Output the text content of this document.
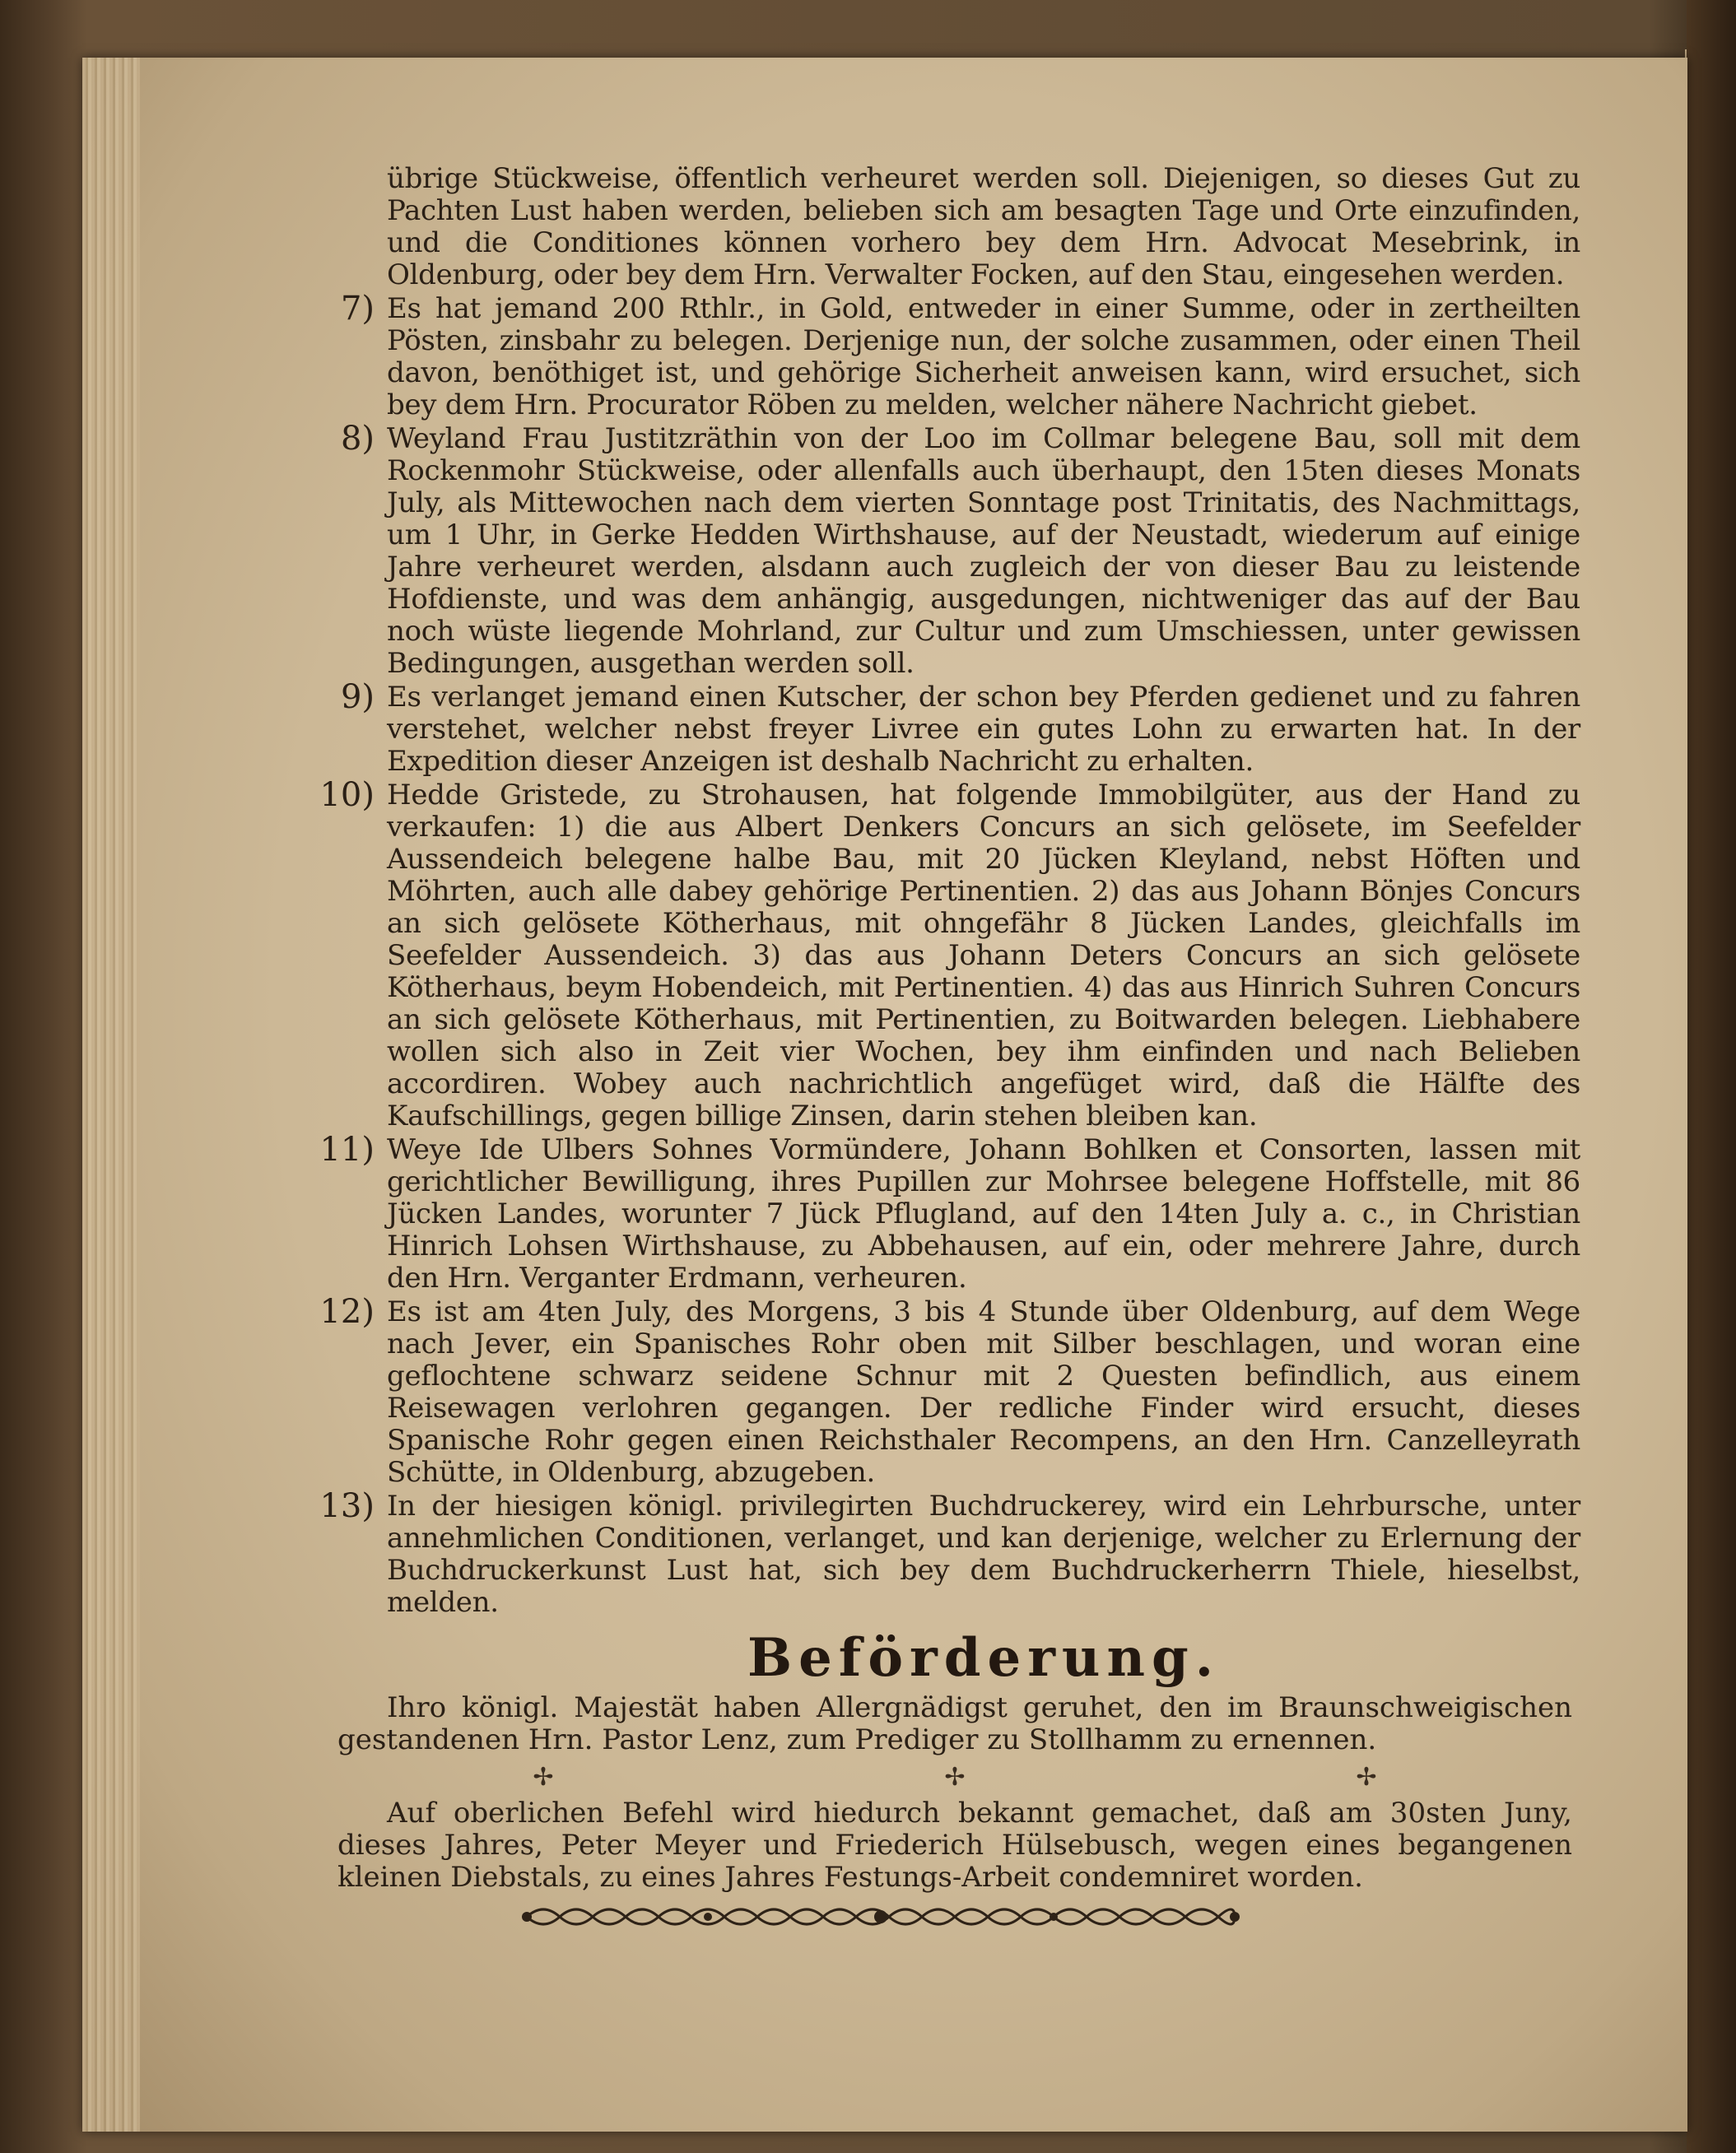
übrige Stückweise, öffentlich verheuret werden soll. Diejenigen, so dieses Gut zu Pachten Lust haben werden, belieben sich am besagten Tage und Orte einzufinden, und die Conditiones können vorhero bey dem Hrn. Advocat Mesebrink, in Oldenburg, oder bey dem Hrn. Verwalter Focken, auf den Stau, eingesehen werden.
7) Es hat jemand 200 Rthlr., in Gold, entweder in einer Summe, oder in zertheilten Pösten, zinsbahr zu belegen. Derjenige nun, der solche zusammen, oder einen Theil davon, benöthiget ist, und gehörige Sicherheit anweisen kann, wird ersuchet, sich bey dem Hrn. Procurator Röben zu melden, welcher nähere Nachricht giebet.
8) Weyland Frau Justitzräthin von der Loo im Collmar belegene Bau, soll mit dem Rockenmohr Stückweise, oder allenfalls auch überhaupt, den 15ten dieses Monats July, als Mittewochen nach dem vierten Sonntage post Trinitatis, des Nachmittags, um 1 Uhr, in Gerke Hedden Wirthshause, auf der Neustadt, wiederum auf einige Jahre verheuret werden, alsdann auch zugleich der von dieser Bau zu leistende Hofdienste, und was dem anhängig, ausgedungen, nichtweniger das auf der Bau noch wüste liegende Mohrland, zur Cultur und zum Umschiessen, unter gewissen Bedingungen, ausgethan werden soll.
9) Es verlanget jemand einen Kutscher, der schon bey Pferden gedienet und zu fahren verstehet, welcher nebst freyer Livree ein gutes Lohn zu erwarten hat. In der Expedition dieser Anzeigen ist deshalb Nachricht zu erhalten.
10) Hedde Gristede, zu Strohausen, hat folgende Immobilgüter, aus der Hand zu verkaufen: 1) die aus Albert Denkers Concurs an sich gelösete, im Seefelder Aussendeich belegene halbe Bau, mit 20 Jücken Kleyland, nebst Höften und Möhrten, auch alle dabey gehörige Pertinentien. 2) das aus Johann Bönjes Concurs an sich gelösete Kötherhaus, mit ohngefähr 8 Jücken Landes, gleichfalls im Seefelder Aussendeich. 3) das aus Johann Deters Concurs an sich gelösete Kötherhaus, beym Hobendeich, mit Pertinentien. 4) das aus Hinrich Suhren Concurs an sich gelösete Kötherhaus, mit Pertinentien, zu Boitwarden belegen. Liebhabere wollen sich also in Zeit vier Wochen, bey ihm einfinden und nach Belieben accordiren. Wobey auch nachrichtlich angefüget wird, daß die Hälfte des Kaufschillings, gegen billige Zinsen, darin stehen bleiben kan.
11) Weye Ide Ulbers Sohnes Vormündere, Johann Bohlken et Consorten, lassen mit gerichtlicher Bewilligung, ihres Pupillen zur Mohrsee belegene Hoffstelle, mit 86 Jücken Landes, worunter 7 Jück Pflugland, auf den 14ten July a. c., in Christian Hinrich Lohsen Wirthshause, zu Abbehausen, auf ein, oder mehrere Jahre, durch den Hrn. Verganter Erdmann, verheuren.
12) Es ist am 4ten July, des Morgens, 3 bis 4 Stunde über Oldenburg, auf dem Wege nach Jever, ein Spanisches Rohr oben mit Silber beschlagen, und woran eine geflochtene schwarz seidene Schnur mit 2 Questen befindlich, aus einem Reisewagen verlohren gegangen. Der redliche Finder wird ersucht, dieses Spanische Rohr gegen einen Reichsthaler Recompens, an den Hrn. Canzelleyrath Schütte, in Oldenburg, abzugeben.
13) In der hiesigen königl. privilegirten Buchdruckerey, wird ein Lehrbursche, unter annehmlichen Conditionen, verlanget, und kan derjenige, welcher zu Erlernung der Buchdruckerkunst Lust hat, sich bey dem Buchdruckerherrn Thiele, hieselbst, melden.
Beförderung.
Ihro königl. Majestät haben Allergnädigst geruhet, den im Braunschweigischen gestandenen Hrn. Pastor Lenz, zum Prediger zu Stollhamm zu ernennen.
✢	✢	✢
Auf oberlichen Befehl wird hiedurch bekannt gemachet, daß am 30sten Juny, dieses Jahres, Peter Meyer und Friederich Hülsebusch, wegen eines begangenen kleinen Diebstals, zu eines Jahres Festungs-Arbeit condemniret worden.
